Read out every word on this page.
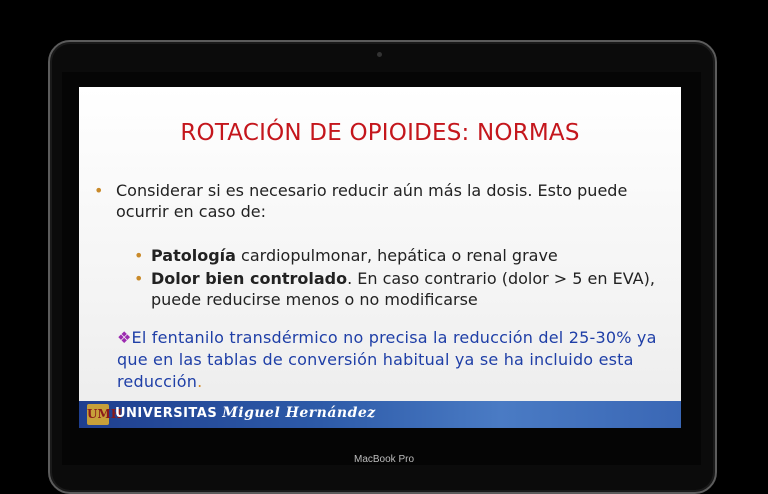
ROTACIÓN DE OPIOIDES: NORMAS
• Considerar si es necesario reducir aún más la dosis. Esto puede ocurrir en caso de:
• Patología cardiopulmonar, hepática o renal grave
• Dolor bien controlado. En caso contrario (dolor > 5 en EVA), puede reducirse menos o no modificarse
❖El fentanilo transdérmico no precisa la reducción del 25-30% ya que en las tablas de conversión habitual ya se ha incluido esta reducción.
UMH
UNIVERSITAS Miguel Hernández
MacBook Pro
